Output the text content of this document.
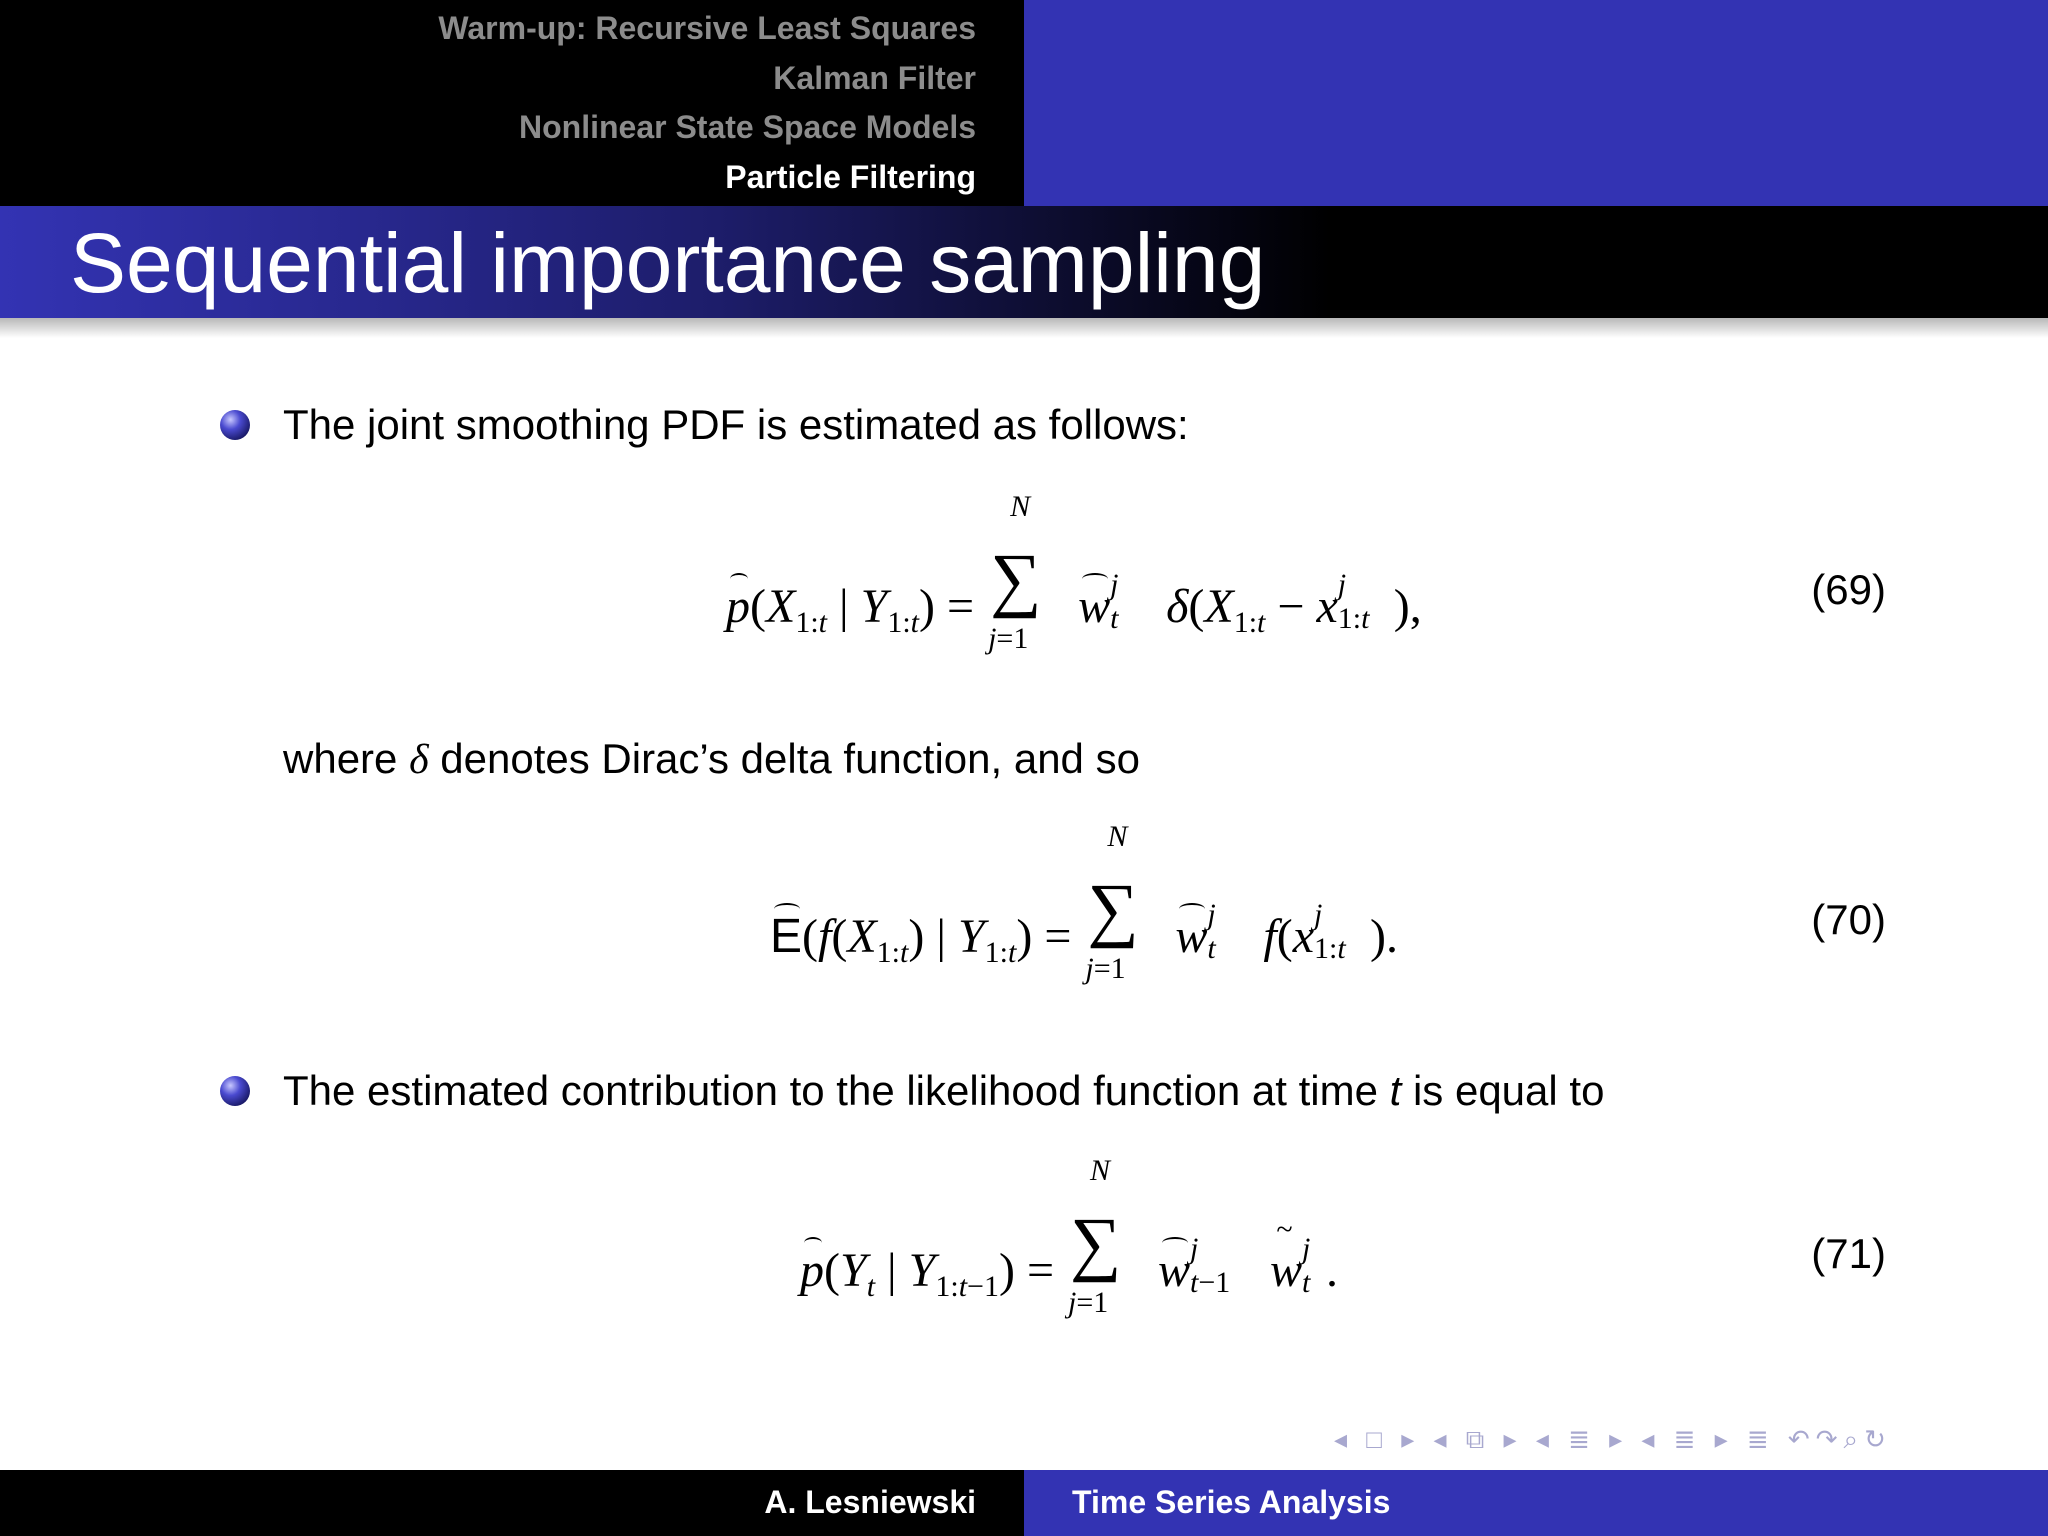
Warm-up: Recursive Least Squares
Kalman Filter
Nonlinear State Space Models
Particle Filtering
Sequential importance sampling
The joint smoothing PDF is estimated as follows:
$p(X_{1:t}$ | $Y_{1:t}$) =
N
∑
j=1
w j
t $\delta(X_{1:t} - x$ j
1:t ),	(69)
where δ denotes Dirac’s delta function, and so
$E(f(X_{1:t})$ | $Y_{1:t}$) =
N
∑
j=1
w j
t f(x j
1:t ).	(70)
The estimated contribution to the likelihood function at time t is equal to
$p(Y_t$ | $Y_{1:t-1}$) =
N
∑
j=1
w j
t−1
~ w j
t .	(71)
◂ □ ▸ ◂ ⧉ ▸ ◂ ≣ ▸ ◂ ≣ ▸ ≣ ↶↷⌕↻
A. Lesniewski	Time Series Analysis
